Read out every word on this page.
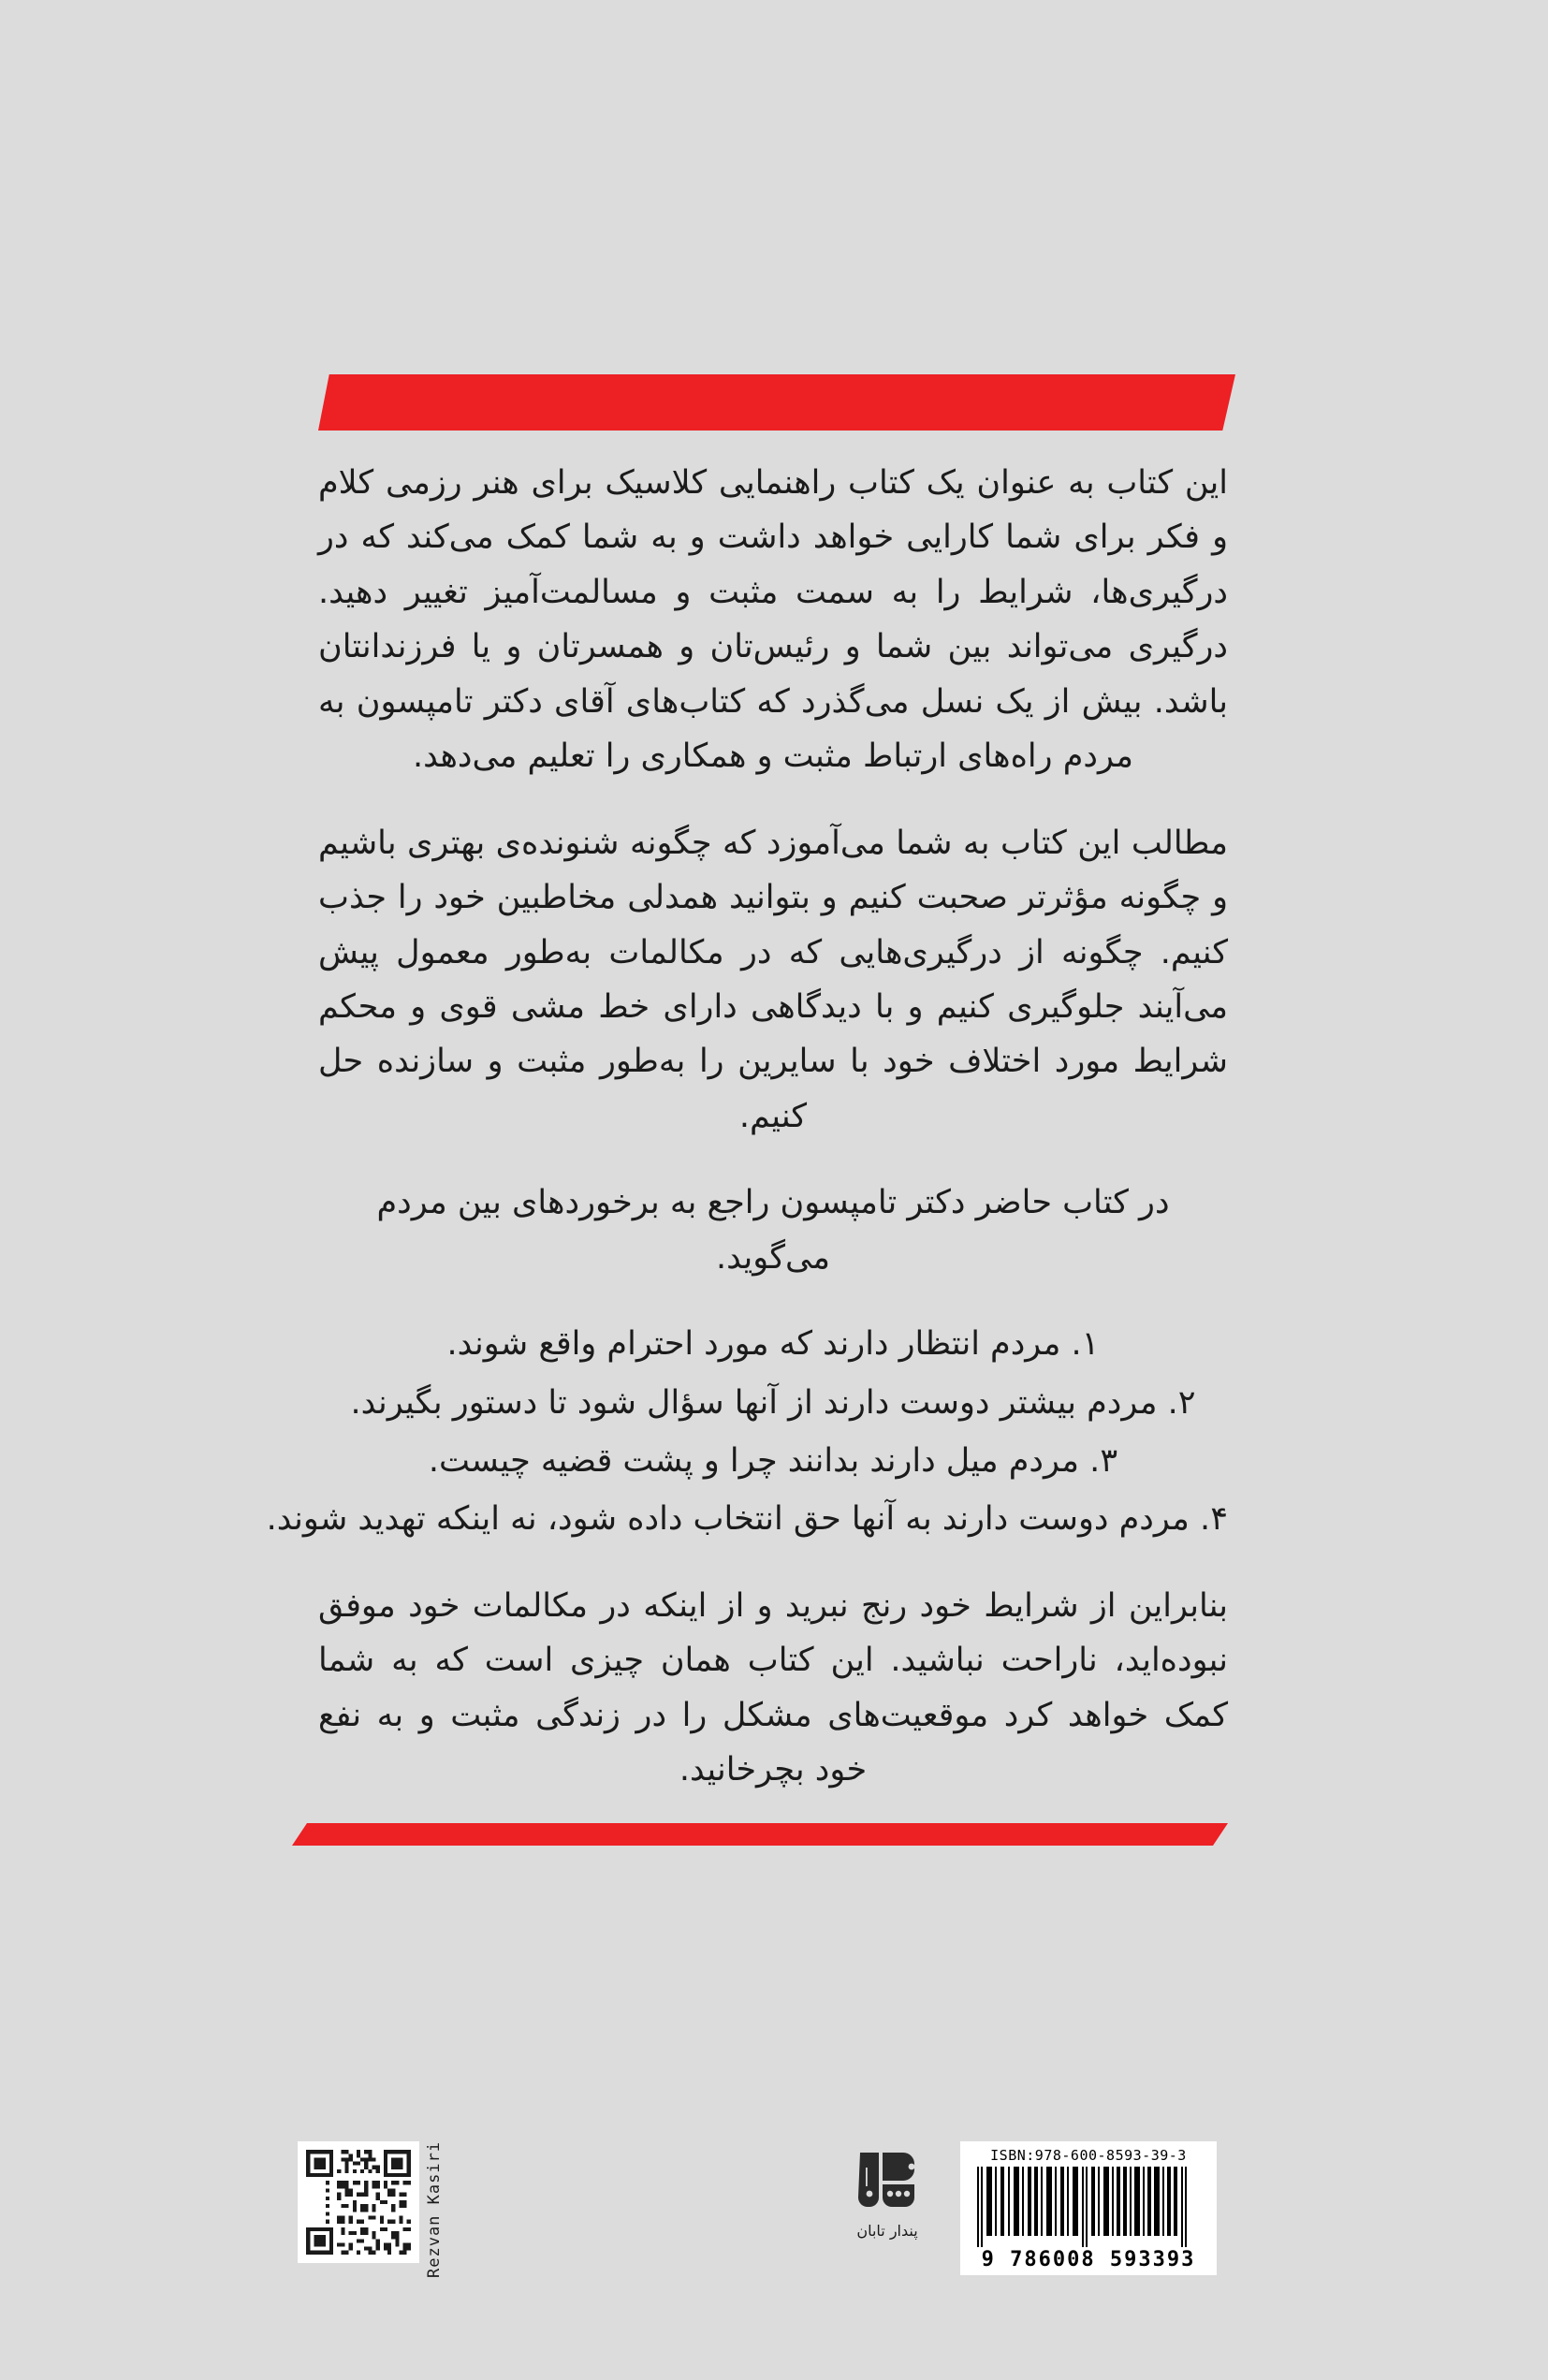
این کتاب به عنوان یک کتاب راهنمایی کلاسیک برای هنر رزمی کلام و فکر برای شما کارایی خواهد داشت و به شما کمک می‌کند که در درگیری‌ها، شرایط را به سمت مثبت و مسالمت‌آمیز تغییر دهید. درگیری می‌تواند بین شما و رئیس‌تان و همسرتان و یا فرزندانتان باشد. بیش از یک نسل می‌گذرد که کتاب‌های آقای دکتر تامپسون به مردم راه‌های ارتباط مثبت و همکاری را تعلیم می‌دهد.

مطالب این کتاب به شما می‌آموزد که چگونه شنونده‌ی بهتری باشیم و چگونه مؤثرتر صحبت کنیم و بتوانید همدلی مخاطبین خود را جذب کنیم. چگونه از درگیری‌هایی که در مکالمات به‌طور معمول پیش می‌آیند جلوگیری کنیم و با دیدگاهی دارای خط مشی قوی و محکم شرایط مورد اختلاف خود با سایرین را به‌طور مثبت و سازنده حل کنیم.

در کتاب حاضر دکتر تامپسون راجع به برخوردهای بین مردم می‌گوید.

۱. مردم انتظار دارند که مورد احترام واقع شوند.
۲. مردم بیشتر دوست دارند از آنها سؤال شود تا دستور بگیرند.
۳. مردم میل دارند بدانند چرا و پشت قضیه چیست.
۴. مردم دوست دارند به آنها حق انتخاب داده شود، نه اینکه تهدید شوند.

بنابراین از شرایط خود رنج نبرید و از اینکه در مکالمات خود موفق نبوده‌اید، ناراحت نباشید. این کتاب همان چیزی است که به شما کمک خواهد کرد موقعیت‌های مشکل را در زندگی مثبت و به نفع خود بچرخانید.

Rezvan Kasiri	پندار تابان
ISBN:978-600-8593-39-3
9 786008 593393
